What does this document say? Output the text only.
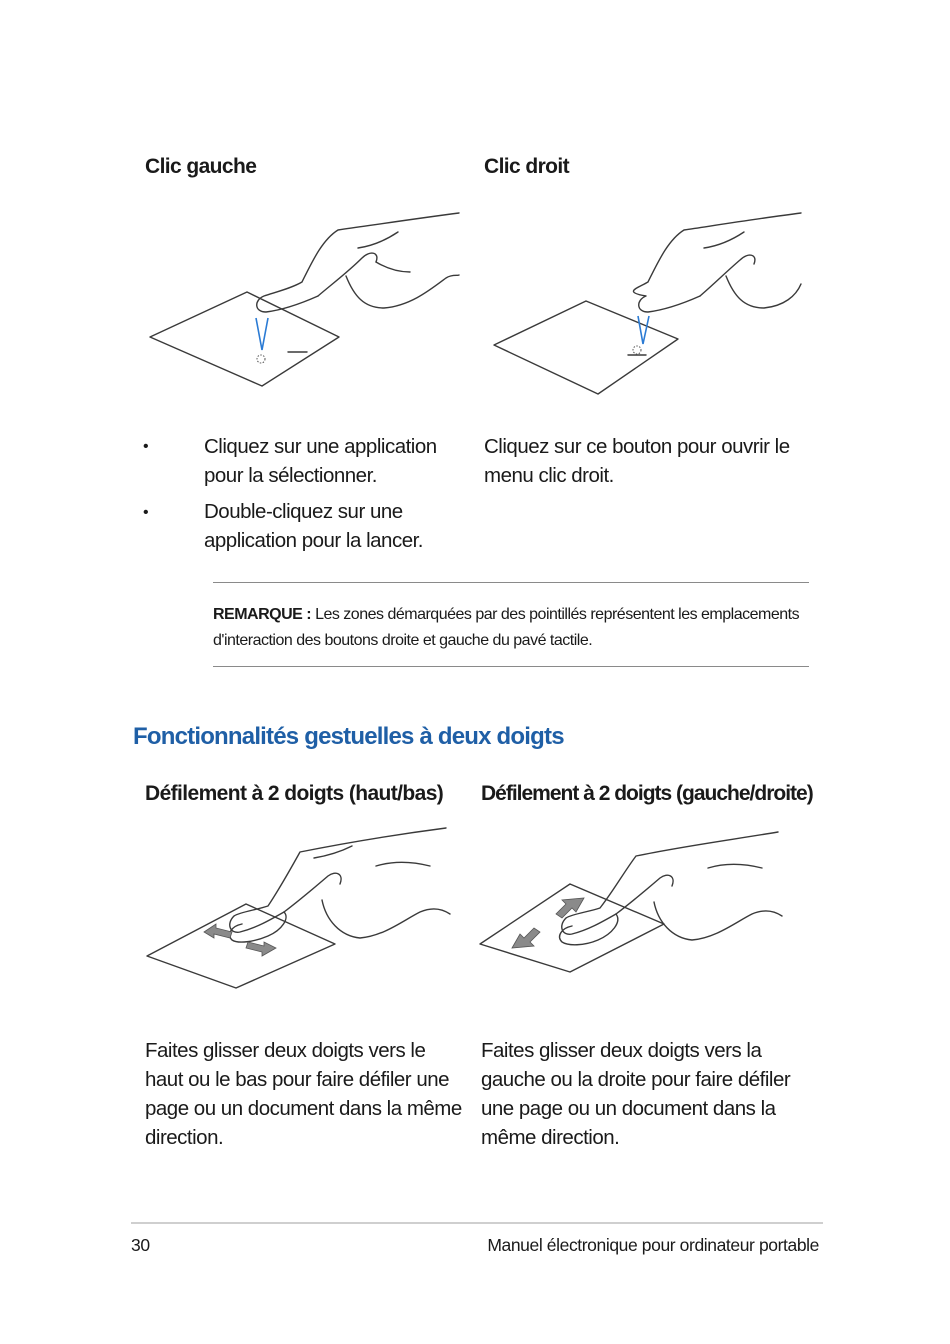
Clic gauche	Clic droit
•	Cliquez sur une application pour la sélectionner.
•	Double-cliquez sur une application pour la lancer.
Cliquez sur ce bouton pour ouvrir le menu clic droit.
REMARQUE : Les zones démarquées par des pointillés représentent les emplacements d'interaction des boutons droite et gauche du pavé tactile.
Fonctionnalités gestuelles à deux doigts
Défilement à 2 doigts (haut/bas) Défilement à 2 doigts (gauche/droite)
Faites glisser deux doigts vers le haut ou le bas pour faire défiler une page ou un document dans la même direction.
Faites glisser deux doigts vers la gauche ou la droite pour faire défiler une page ou un document dans la même direction.
30	Manuel électronique pour ordinateur portable
